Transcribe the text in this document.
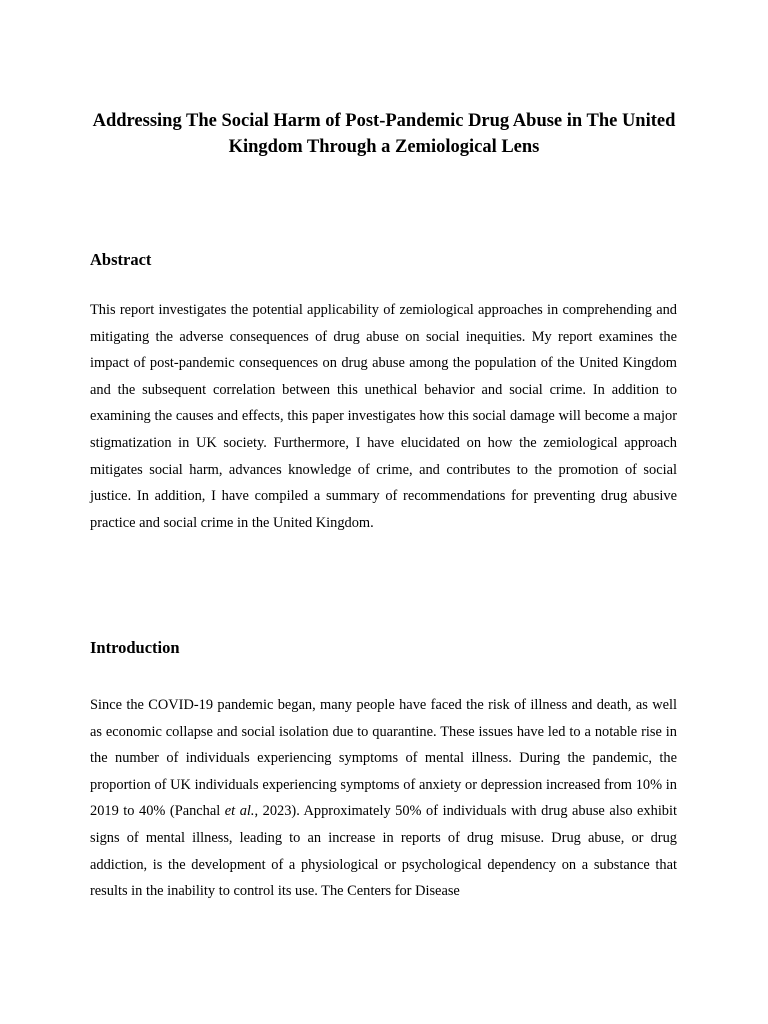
Addressing The Social Harm of Post-Pandemic Drug Abuse in The United Kingdom Through a Zemiological Lens
Abstract

This report investigates the potential applicability of zemiological approaches in comprehending and mitigating the adverse consequences of drug abuse on social inequities. My report examines the impact of post-pandemic consequences on drug abuse among the population of the United Kingdom and the subsequent correlation between this unethical behavior and social crime. In addition to examining the causes and effects, this paper investigates how this social damage will become a major stigmatization in UK society. Furthermore, I have elucidated on how the zemiological approach mitigates social harm, advances knowledge of crime, and contributes to the promotion of social justice. In addition, I have compiled a summary of recommendations for preventing drug abusive practice and social crime in the United Kingdom.

Introduction

Since the COVID-19 pandemic began, many people have faced the risk of illness and death, as well as economic collapse and social isolation due to quarantine. These issues have led to a notable rise in the number of individuals experiencing symptoms of mental illness. During the pandemic, the proportion of UK individuals experiencing symptoms of anxiety or depression increased from 10% in 2019 to 40% (Panchal et al., 2023). Approximately 50% of individuals with drug abuse also exhibit signs of mental illness, leading to an increase in reports of drug misuse. Drug abuse, or drug addiction, is the development of a physiological or psychological dependency on a substance that results in the inability to control its use. The Centers for Disease
